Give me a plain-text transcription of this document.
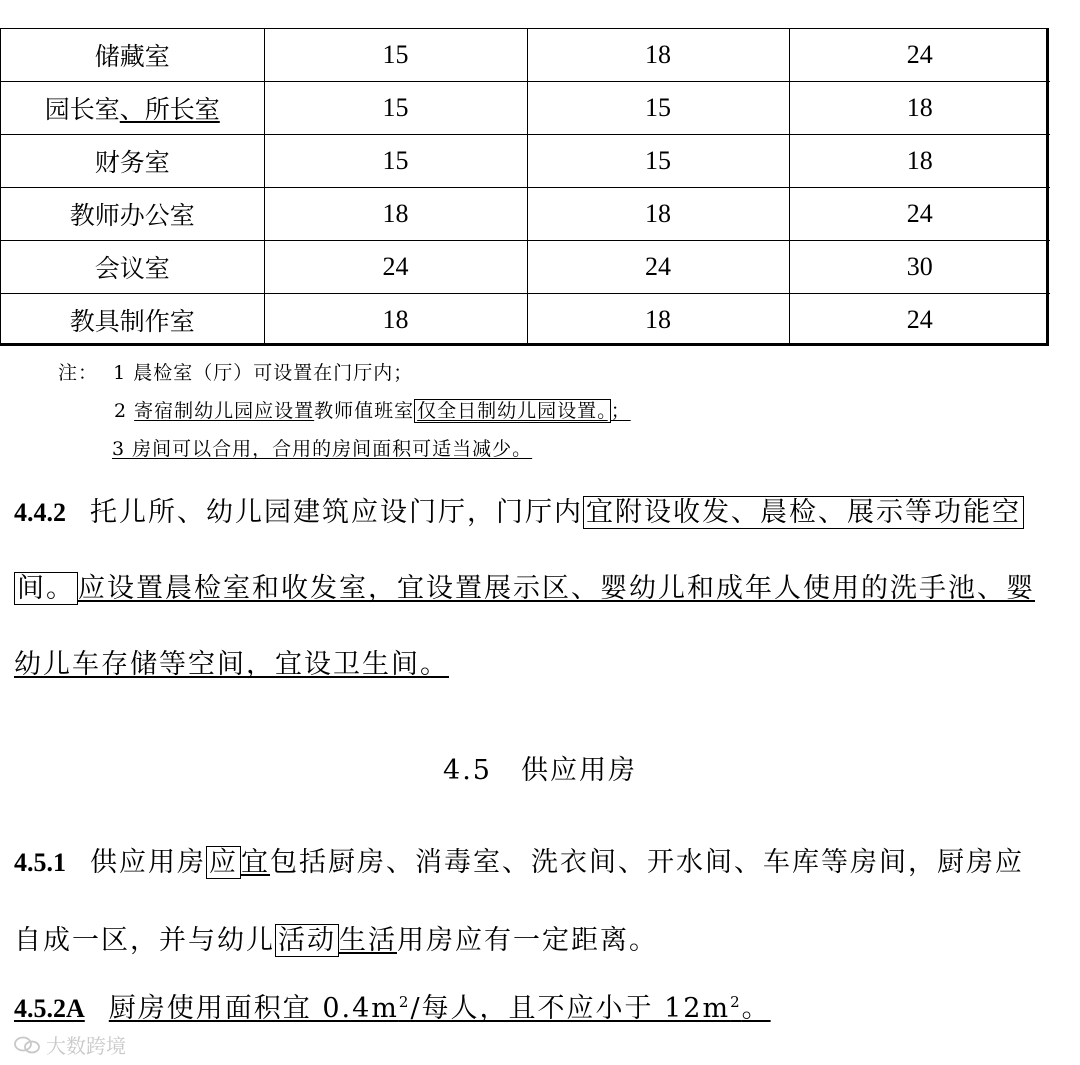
储藏室	15	18	24
园长室、所长室	15	15	18
财务室	15	15	18
教师办公室	18	18	24
会议室	24	24	30
教具制作室	18	18	24
注： 1 晨检室（厅）可设置在门厅内；
2 寄宿制幼儿园应设置教师值班室 仅全日制幼儿园设置。 ；
3 房间可以合用，合用的房间面积可适当减少。
4.4.2 托儿所、幼儿园建筑应设门厅，门厅内 宜附设收发、晨检、展示等功能空
间。 应设置晨检室和收发室，宜设置展示区、婴幼儿和成年人使用的洗手池、婴
幼儿车存储等空间，宜设卫生间。
4.5　供应用房
4.5.1 供应用房 应 宜包括厨房、消毒室、洗衣间、开水间、车库等房间，厨房应
自成一区，并与幼儿 活动 生活用房应有一定距离。
4.5.2A 厨房使用面积宜 $0.4m^2/$每人，且不应小于 $12m^2$。
大数跨境
